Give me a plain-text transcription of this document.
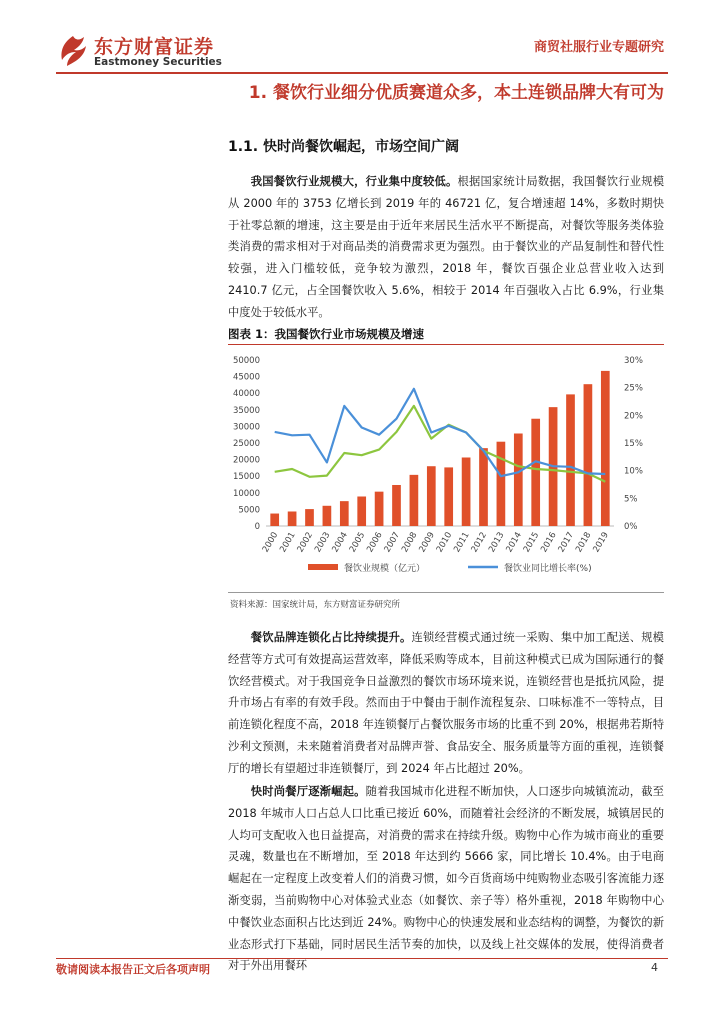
东方财富证券
Eastmoney Securities
商贸社服行业专题研究
1. 餐饮行业细分优质赛道众多，本土连锁品牌大有可为
1.1. 快时尚餐饮崛起，市场空间广阔
  我国餐饮行业规模大，行业集中度较低。根据国家统计局数据，我国餐饮行业规模从 2000 年的 3753 亿增长到 2019 年的 46721 亿，复合增速超 14%，多数时期快于社零总额的增速，这主要是由于近年来居民生活水平不断提高，对餐饮等服务类体验类消费的需求相对于对商品类的消费需求更为强烈。由于餐饮业的产品复制性和替代性较强，进入门槛较低，竞争较为激烈，2018 年，餐饮百强企业总营业收入达到 2410.7 亿元，占全国餐饮收入 5.6%，相较于 2014 年百强收入占比 6.9%，行业集中度处于较低水平。
图表 1：我国餐饮行业市场规模及增速
0
5000
10000
15000
20000
25000
30000
35000
40000
45000
50000
0%
5%
10%
15%
20%
25%
30%
2000
2001
2002
2003
2004
2005
2006
2007
2008
2009
2010
2011
2012
2013
2014
2015
2016
2017
2018
2019
餐饮业规模（亿元）	餐饮业同比增长率(%)
资料来源：国家统计局，东方财富证券研究所
  餐饮品牌连锁化占比持续提升。连锁经营模式通过统一采购、集中加工配送、规模经营等方式可有效提高运营效率，降低采购等成本，目前这种模式已成为国际通行的餐饮经营模式。对于我国竞争日益激烈的餐饮市场环境来说，连锁经营也是抵抗风险，提升市场占有率的有效手段。然而由于中餐由于制作流程复杂、口味标准不一等特点，目前连锁化程度不高，2018 年连锁餐厅占餐饮服务市场的比重不到 20%，根据弗若斯特沙利文预测，未来随着消费者对品牌声誉、食品安全、服务质量等方面的重视，连锁餐厅的增长有望超过非连锁餐厅，到 2024 年占比超过 20%。
  快时尚餐厅逐渐崛起。随着我国城市化进程不断加快，人口逐步向城镇流动，截至 2018 年城市人口占总人口比重已接近 60%，而随着社会经济的不断发展，城镇居民的人均可支配收入也日益提高，对消费的需求在持续升级。购物中心作为城市商业的重要灵魂，数量也在不断增加，至 2018 年达到约 5666 家，同比增长 10.4%。由于电商崛起在一定程度上改变着人们的消费习惯，如今百货商场中纯购物业态吸引客流能力逐渐变弱，当前购物中心对体验式业态（如餐饮、亲子等）格外重视，2018 年购物中心中餐饮业态面积占比达到近 24%。购物中心的快速发展和业态结构的调整，为餐饮的新业态形式打下基础，同时居民生活节奏的加快，以及线上社交媒体的发展，使得消费者对于外出用餐环
敬请阅读本报告正文后各项声明	4
